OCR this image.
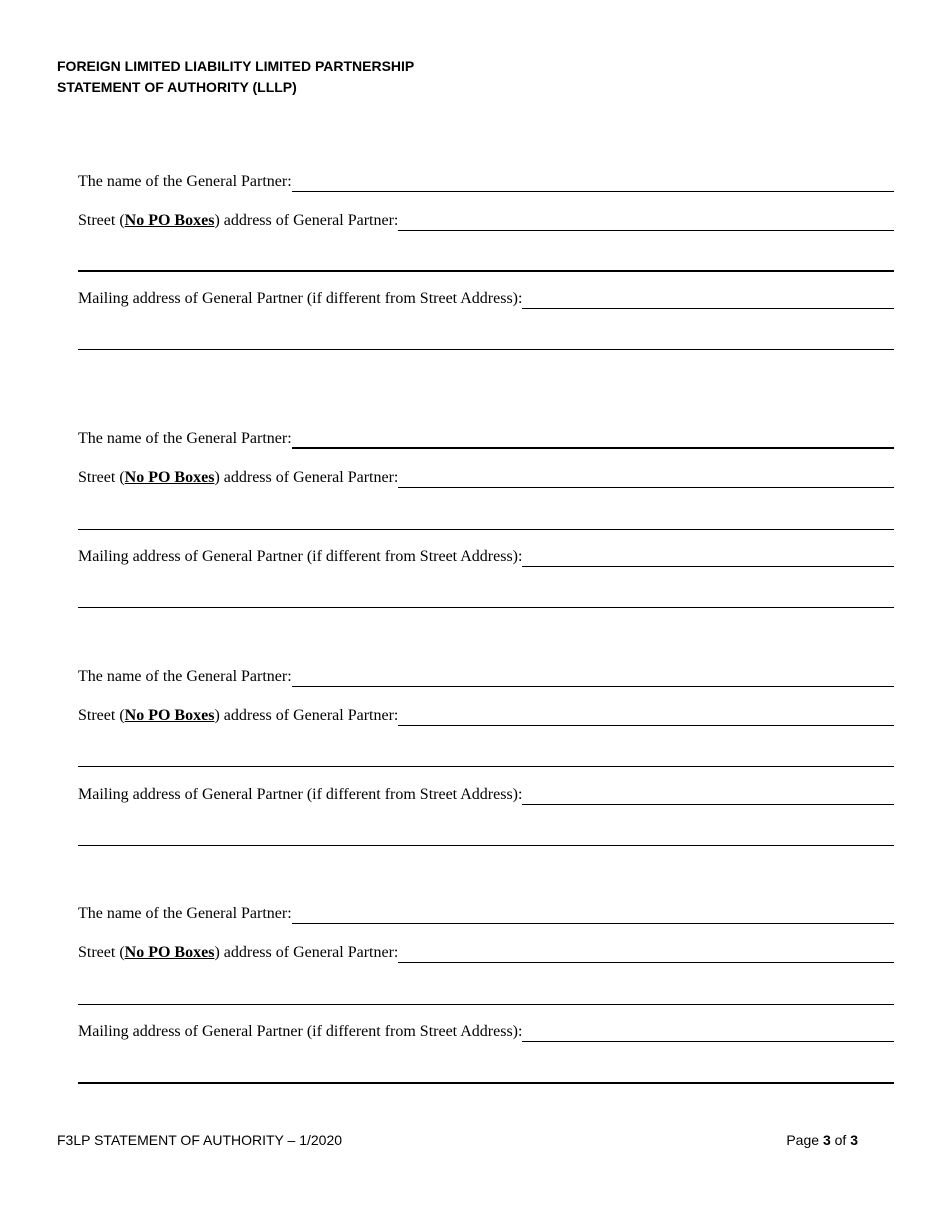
FOREIGN LIMITED LIABILITY LIMITED PARTNERSHIP
STATEMENT OF AUTHORITY (LLLP)
The name of the General Partner:
Street (No PO Boxes) address of General Partner:
Mailing address of General Partner (if different from Street Address):
The name of the General Partner:
Street (No PO Boxes) address of General Partner:
Mailing address of General Partner (if different from Street Address):
The name of the General Partner:
Street (No PO Boxes) address of General Partner:
Mailing address of General Partner (if different from Street Address):
The name of the General Partner:
Street (No PO Boxes) address of General Partner:
Mailing address of General Partner (if different from Street Address):
F3LP STATEMENT OF AUTHORITY – 1/2020	Page 3 of 3
